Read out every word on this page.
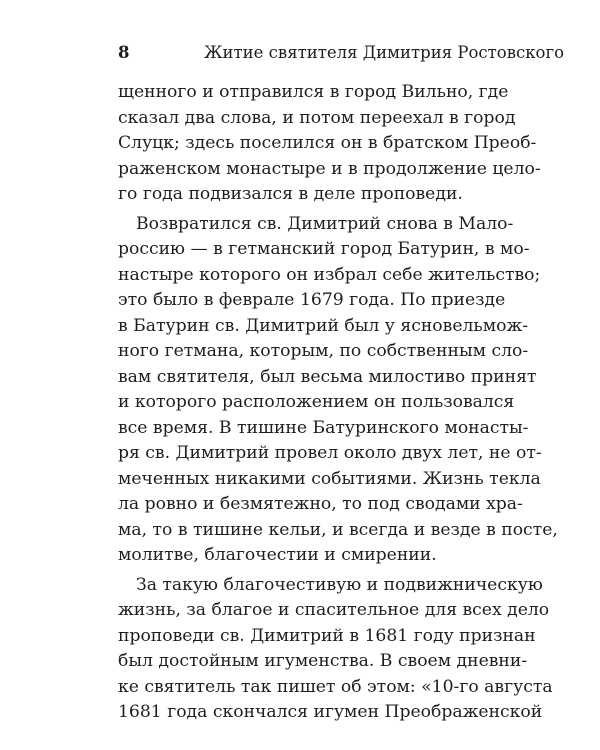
8	Житие святителя Димитрия Ростовского
щенного и отправился в город Вильно, где
сказал два слова, и потом переехал в город
Слуцк; здесь поселился он в братском Преоб-
раженском монастыре и в продолжение цело-
го года подвизался в деле проповеди.
Возвратился св. Димитрий снова в Мало-
россию — в гетманский город Батурин, в мо-
настыре которого он избрал себе жительство;
это было в феврале 1679 года. По приезде
в Батурин св. Димитрий был у ясновельмож-
ного гетмана, которым, по собственным сло-
вам святителя, был весьма милостиво принят
и которого расположением он пользовался
все время. В тишине Батуринского монасты-
ря св. Димитрий провел около двух лет, не от-
меченных никакими событиями. Жизнь текла
ла ровно и безмятежно, то под сводами хра-
ма, то в тишине кельи, и всегда и везде в посте,
молитве, благочестии и смирении.
За такую благочестивую и подвижническую
жизнь, за благое и спасительное для всех дело
проповеди св. Димитрий в 1681 году признан
был достойным игуменства. В своем дневни-
ке святитель так пишет об этом: «10-го августа
1681 года скончался игумен Преображенской
